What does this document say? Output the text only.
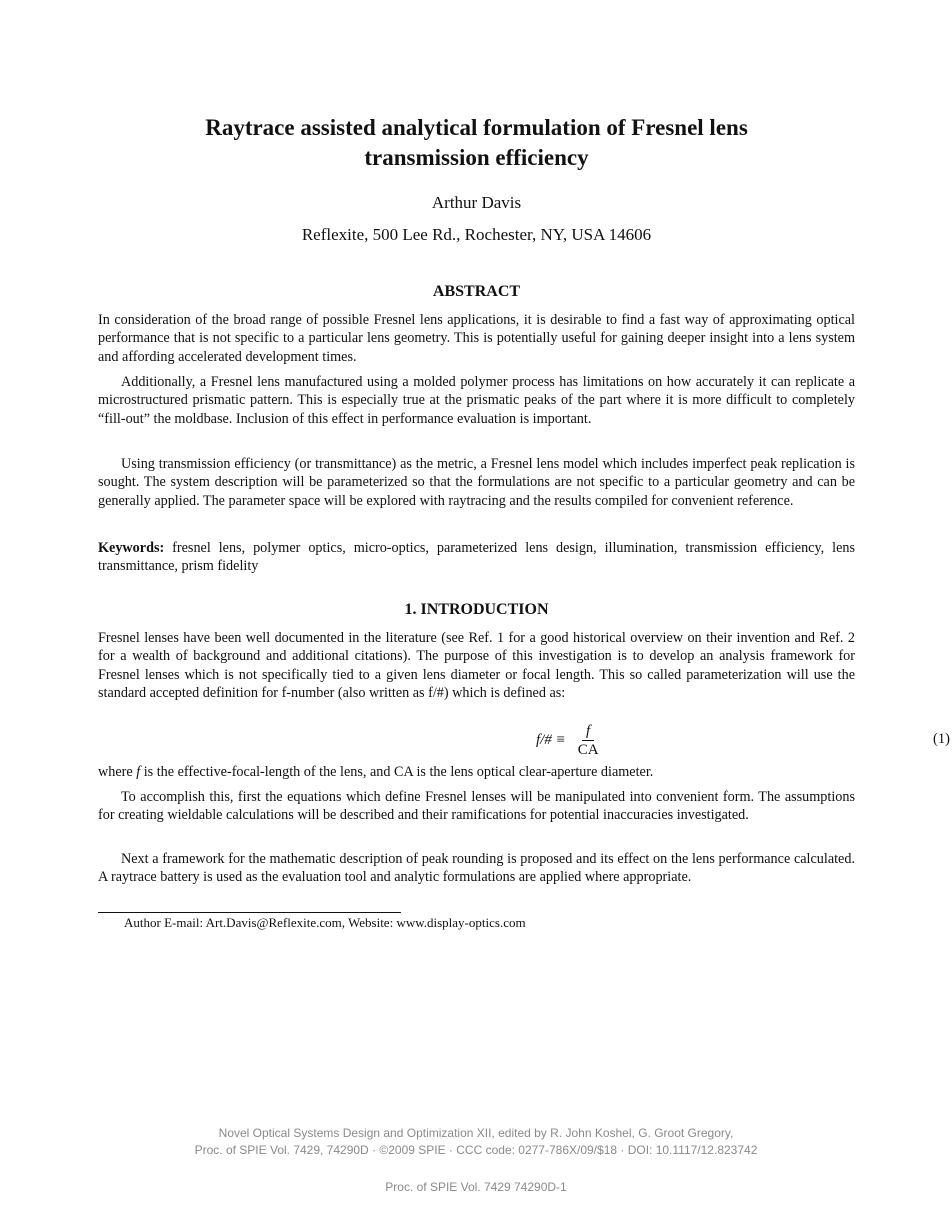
Raytrace assisted analytical formulation of Fresnel lens
transmission efficiency
Arthur Davis
Reflexite, 500 Lee Rd., Rochester, NY, USA 14606
ABSTRACT

In consideration of the broad range of possible Fresnel lens applications, it is desirable to find a fast way of approximating optical performance that is not specific to a particular lens geometry. This is potentially useful for gaining deeper insight into a lens system and affording accelerated development times.

Additionally, a Fresnel lens manufactured using a molded polymer process has limitations on how accurately it can replicate a microstructured prismatic pattern. This is especially true at the prismatic peaks of the part where it is more difficult to completely “fill-out” the moldbase. Inclusion of this effect in performance evaluation is important.

Using transmission efficiency (or transmittance) as the metric, a Fresnel lens model which includes imperfect peak replication is sought. The system description will be parameterized so that the formulations are not specific to a particular geometry and can be generally applied. The parameter space will be explored with raytracing and the results compiled for convenient reference.

Keywords: fresnel lens, polymer optics, micro-optics, parameterized lens design, illumination, transmission efficiency, lens transmittance, prism fidelity

1. INTRODUCTION

Fresnel lenses have been well documented in the literature (see Ref. 1 for a good historical overview on their invention and Ref. 2 for a wealth of background and additional citations). The purpose of this investigation is to develop an analysis framework for Fresnel lenses which is not specifically tied to a given lens diameter or focal length. This so called parameterization will use the standard accepted definition for f-number (also written as f/#) which is defined as:

f/# ≡ $\frac{f}{CA}$	(1)

where f is the effective-focal-length of the lens, and CA is the lens optical clear-aperture diameter.

To accomplish this, first the equations which define Fresnel lenses will be manipulated into convenient form. The assumptions for creating wieldable calculations will be described and their ramifications for potential inaccuracies investigated.

Next a framework for the mathematic description of peak rounding is proposed and its effect on the lens performance calculated. A raytrace battery is used as the evaluation tool and analytic formulations are applied where appropriate.

Author E-mail: Art.Davis@Reflexite.com, Website: www.display-optics.com
Novel Optical Systems Design and Optimization XII, edited by R. John Koshel, G. Groot Gregory,
Proc. of SPIE Vol. 7429, 74290D · ©2009 SPIE · CCC code: 0277-786X/09/$18 · DOI: 10.1117/12.823742
Proc. of SPIE Vol. 7429 74290D-1
